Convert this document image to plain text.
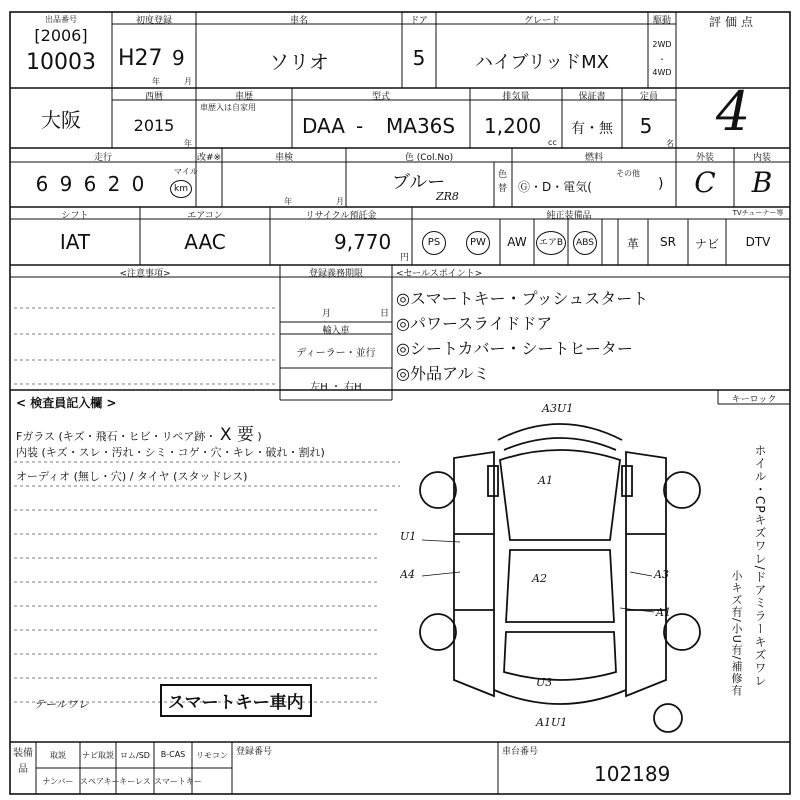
出品番号
[2006]
10003
初度登録
H27 9
年	月
車名
ソリオ
ドア
5
グレード
ハイブリッドMX
駆動
2WD
・
4WD
評価点
4
大阪
西暦
2015
年
車歴
車歴入は自家用
型式
DAA - MA36S
排気量
1,200
cc
保証書
有・無
定員
5
名
走行
6 9 6 2 0
マイル
km
改#※	車検
年	月
色 (Col.No)
ブルー
ZR8
色替
燃料
Ⓖ・D・電気(
その他
)
外装
C
内装
B
シフト
IAT
エアコン
AAC
リサイクル預託金
9,770
円
純正装備品	TVチューナー等
PS	PW	AW	エアB	ABS	革	SR	ナビ	DTV
<注意事項>	登録義務期限
月	日
輸入車
ディーラー・並行
左H ・ 右H
<セールスポイント>
◎スマートキー・プッシュスタート
◎パワースライドドア
◎シートカバー・シートヒーター
◎外品アルミ
< 検査員記入欄 >
Fガラス (キズ・飛石・ヒビ・リペア跡・ X 要 )
内装 (キズ・スレ・汚れ・シミ・コゲ・穴・キレ・破れ・割れ)
オーディオ (無し・穴) / タイヤ (スタッドレス)
テールワレ	スマートキー車内
キーロック
ホイル・CPキズワレ/ドアミラーキズワレ
小キズ有/小U有/補修有
A3U1
A1
U1
A4	A2	A3
A1
U3
A1U1
装備品
取説	ナビ取説 ロム/SD	B-CAS	リモコン
ナンバー スペアキー キーレス スマートキー
登録番号	車台番号
102189
